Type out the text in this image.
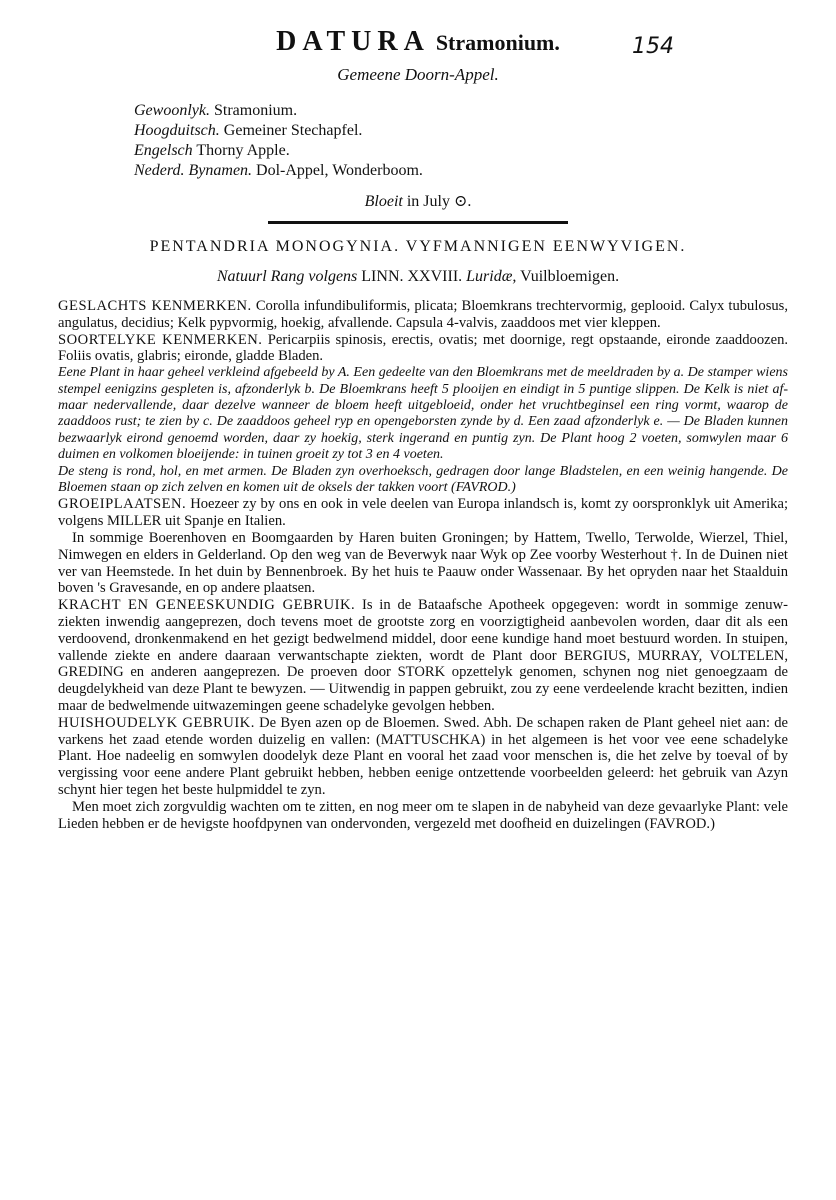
DATURA Stramonium.	154
Gemeene Doorn-Appel.
Gewoonlyk. Stramonium.
Hoogduitsch. Gemeiner Stechapfel.
Engelsch Thorny Apple.
Nederd. Bynamen. Dol-Appel, Wonderboom.
Bloeit in July ⊙.
PENTANDRIA MONOGYNIA. VYFMANNIGEN EENWYVIGEN.
Natuurl Rang volgens LINN. XXVIII. Luridæ, Vuilbloemigen.

GESLACHTS KENMERKEN. Corolla infundibuliformis, plicata; Bloemkrans trechtervormig, geplooid. Calyx tubulosus, angulatus, decidius; Kelk pypvormig, hoekig, afvallende. Capsula 4-valvis, zaaddoos met vier kleppen.

SOORTELYKE KENMERKEN. Pericarpiis spinosis, erectis, ovatis; met doornige, regt opstaande, eironde zaaddoozen. Foliis ovatis, glabris; eironde, gladde Bladen.

Eene Plant in haar geheel verkleind afgebeeld by A. Een gedeelte van den Bloemkrans met de meeldraden by a. De stamper wiens stempel eenigzins gespleten is, afzonderlyk b. De Bloemkrans heeft 5 plooijen en eindigt in 5 puntige slippen. De Kelk is niet af- maar nedervallende, daar dezelve wanneer de bloem heeft uitgebloeid, onder het vruchtbeginsel een ring vormt, waarop de zaaddoos rust; te zien by c. De zaaddoos geheel ryp en opengeborsten zynde by d. Een zaad afzonderlyk e. — De Bladen kunnen bezwaarlyk eirond genoemd worden, daar zy hoekig, sterk ingerand en puntig zyn. De Plant hoog 2 voeten, somwylen maar 6 duimen en volkomen bloeijende: in tuinen groeit zy tot 3 en 4 voeten.

De steng is rond, hol, en met armen. De Bladen zyn overhoeksch, gedragen door lange Bladstelen, en een weinig hangende. De Bloemen staan op zich zelven en komen uit de oksels der takken voort (FAVROD.)

GROEIPLAATSEN. Hoezeer zy by ons en ook in vele deelen van Europa inlandsch is, komt zy oorspronklyk uit Amerika; volgens MILLER uit Spanje en Italien.

In sommige Boerenhoven en Boomgaarden by Haren buiten Groningen; by Hattem, Twello, Terwolde, Wierzel, Thiel, Nimwegen en elders in Gelderland. Op den weg van de Beverwyk naar Wyk op Zee voorby Westerhout †. In de Duinen niet ver van Heemstede. In het duin by Bennenbroek. By het huis te Paauw onder Wassenaar. By het opryden naar het Staalduin boven 's Gravesande, en op andere plaatsen.

KRACHT EN GENEESKUNDIG GEBRUIK. Is in de Bataafsche Apotheek opgegeven: wordt in sommige zenuw-ziekten inwendig aangeprezen, doch tevens moet de grootste zorg en voorzigtigheid aanbevolen worden, daar dit als een verdoovend, dronkenmakend en het gezigt bedwelmend middel, door eene kundige hand moet bestuurd worden. In stuipen, vallende ziekte en andere daaraan verwantschapte ziekten, wordt de Plant door BERGIUS, MURRAY, VOLTELEN, GREDING en anderen aangeprezen. De proeven door STORK opzettelyk genomen, schynen nog niet genoegzaam de deugdelykheid van deze Plant te bewyzen. — Uitwendig in pappen gebruikt, zou zy eene verdeelende kracht bezitten, indien maar de bedwelmende uitwazemingen geene schadelyke gevolgen hebben.

HUISHOUDELYK GEBRUIK. De Byen azen op de Bloemen. Swed. Abh. De schapen raken de Plant geheel niet aan: de varkens het zaad etende worden duizelig en vallen: (MATTUSCHKA) in het algemeen is het voor vee eene schadelyke Plant. Hoe nadeelig en somwylen doodelyk deze Plant en vooral het zaad voor menschen is, die het zelve by toeval of by vergissing voor eene andere Plant gebruikt hebben, hebben eenige ontzettende voorbeelden geleerd: het gebruik van Azyn schynt hier tegen het beste hulpmiddel te zyn.

Men moet zich zorgvuldig wachten om te zitten, en nog meer om te slapen in de nabyheid van deze gevaarlyke Plant: vele Lieden hebben er de hevigste hoofdpynen van ondervonden, vergezeld met doofheid en duizelingen (FAVROD.)
